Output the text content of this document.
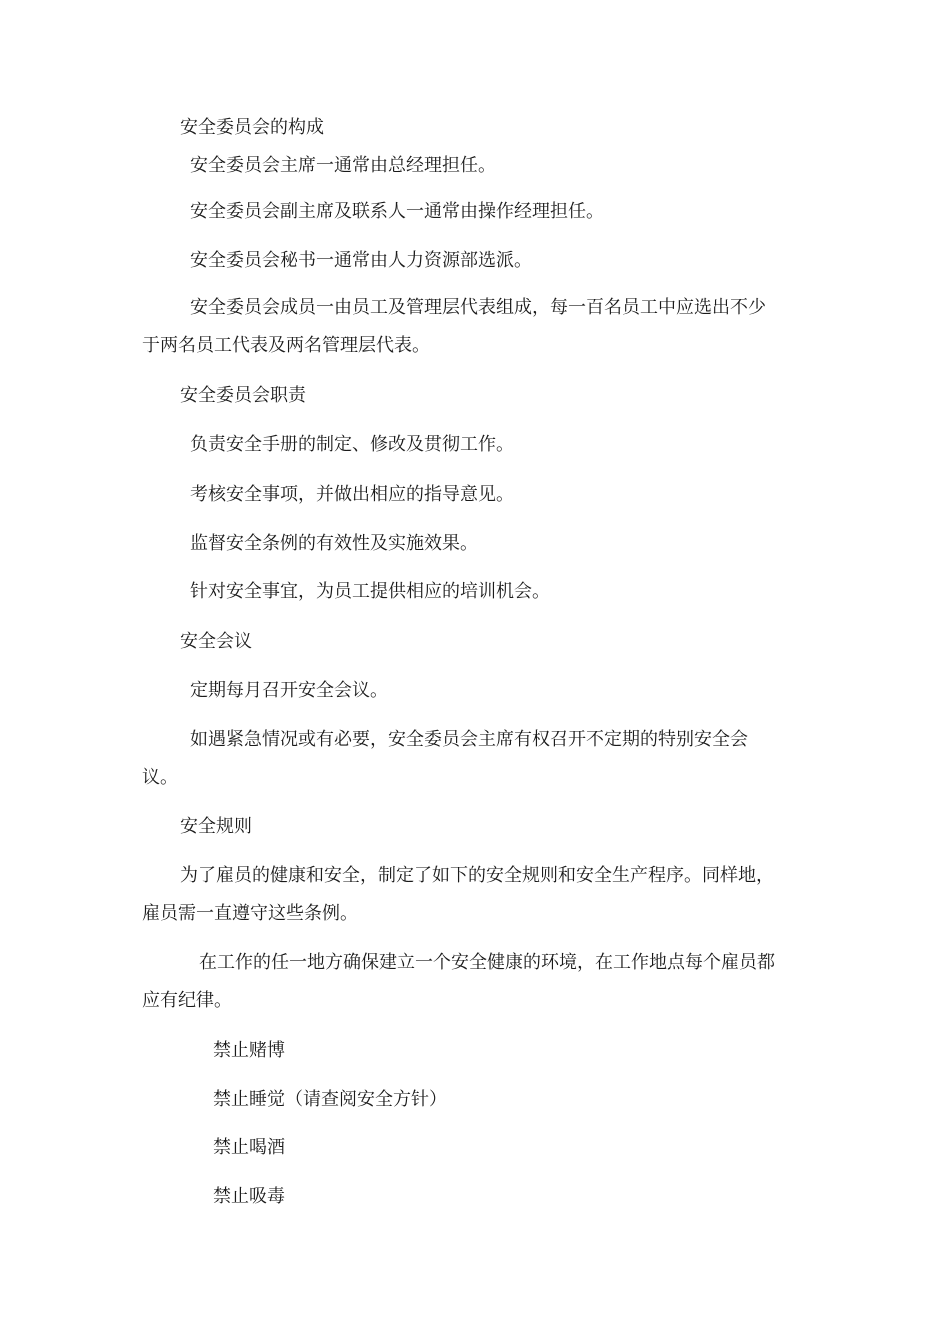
安全委员会的构成
安全委员会主席一通常由总经理担任。
安全委员会副主席及联系人一通常由操作经理担任。
安全委员会秘书一通常由人力资源部选派。
安全委员会成员一由员工及管理层代表组成，每一百名员工中应选出不少
于两名员工代表及两名管理层代表。
安全委员会职责
负责安全手册的制定、修改及贯彻工作。
考核安全事项，并做出相应的指导意见。
监督安全条例的有效性及实施效果。
针对安全事宜，为员工提供相应的培训机会。
安全会议
定期每月召开安全会议。
如遇紧急情况或有必要，安全委员会主席有权召开不定期的特别安全会
议。
安全规则
为了雇员的健康和安全，制定了如下的安全规则和安全生产程序。同样地，
雇员需一直遵守这些条例。
在工作的任一地方确保建立一个安全健康的环境，在工作地点每个雇员都
应有纪律。
禁止赌博
禁止睡觉（请查阅安全方针）
禁止喝酒
禁止吸毒
